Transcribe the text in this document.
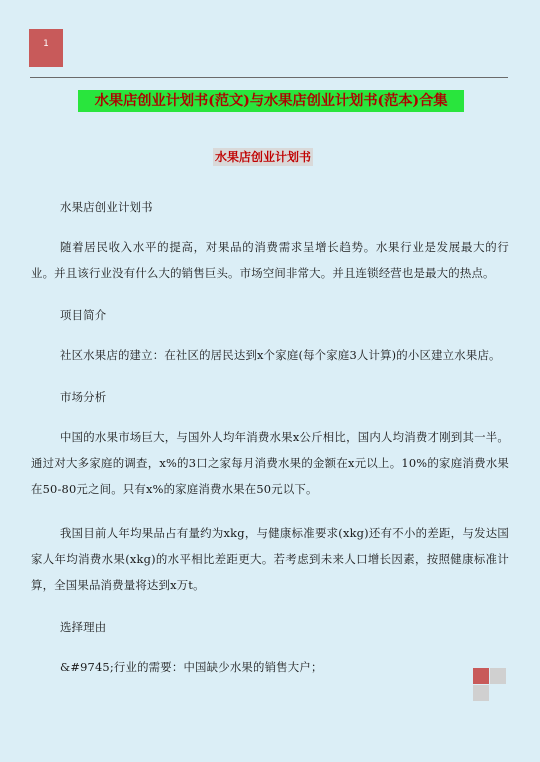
1
水果店创业计划书(范文)与水果店创业计划书(范本)合集
水果店创业计划书

水果店创业计划书

随着居民收入水平的提高，对果品的消费需求呈增长趋势。水果行业是发展最大的行业。并且该行业没有什么大的销售巨头。市场空间非常大。并且连锁经营也是最大的热点。

项目简介

社区水果店的建立：在社区的居民达到x个家庭(每个家庭3人计算)的小区建立水果店。

市场分析

中国的水果市场巨大，与国外人均年消费水果x公斤相比，国内人均消费才刚到其一半。通过对大多家庭的调查，x%的3口之家每月消费水果的金额在x元以上。10%的家庭消费水果在50-80元之间。只有x%的家庭消费水果在50元以下。

我国目前人年均果品占有量约为xkg，与健康标准要求(xkg)还有不小的差距，与发达国家人年均消费水果(xkg)的水平相比差距更大。若考虑到未来人口增长因素，按照健康标准计算，全国果品消费量将达到x万t。

选择理由

&#9745;行业的需要：中国缺少水果的销售大户；
